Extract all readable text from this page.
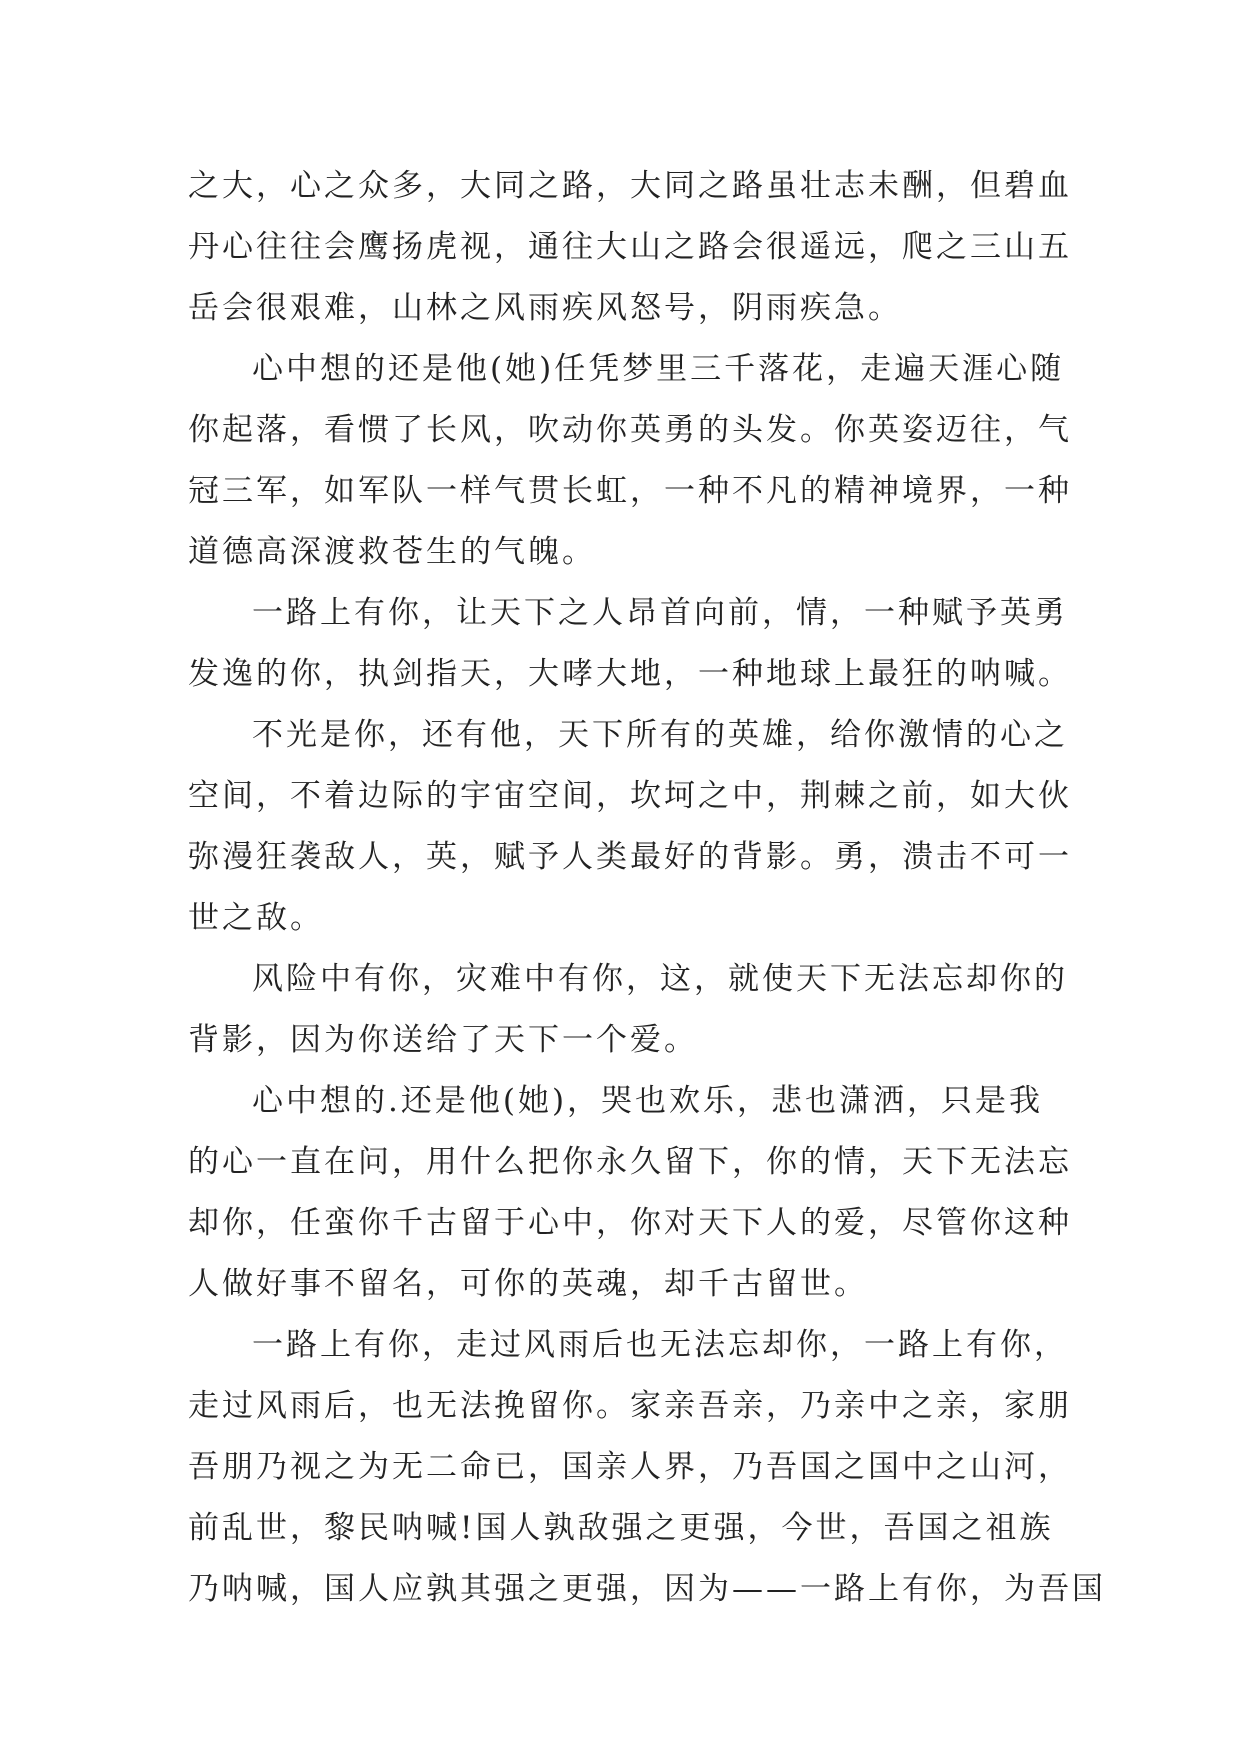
之大，心之众多，大同之路，大同之路虽壮志未酬，但碧血
丹心往往会鹰扬虎视，通往大山之路会很遥远，爬之三山五
岳会很艰难，山林之风雨疾风怒号，阴雨疾急。
心中想的还是他(她)任凭梦里三千落花，走遍天涯心随
你起落，看惯了长风，吹动你英勇的头发。你英姿迈往，气
冠三军，如军队一样气贯长虹，一种不凡的精神境界，一种
道德高深渡救苍生的气魄。
一路上有你，让天下之人昂首向前，情，一种赋予英勇
发逸的你，执剑指天，大哮大地，一种地球上最狂的呐喊。
不光是你，还有他，天下所有的英雄，给你激情的心之
空间，不着边际的宇宙空间，坎坷之中，荆棘之前，如大伙
弥漫狂袭敌人，英，赋予人类最好的背影。勇，溃击不可一
世之敌。
风险中有你，灾难中有你，这，就使天下无法忘却你的
背影，因为你送给了天下一个爱。
心中想的.还是他(她)，哭也欢乐，悲也潇洒，只是我
的心一直在问，用什么把你永久留下，你的情，天下无法忘
却你，任蛮你千古留于心中，你对天下人的爱，尽管你这种
人做好事不留名，可你的英魂，却千古留世。
一路上有你，走过风雨后也无法忘却你，一路上有你，
走过风雨后，也无法挽留你。家亲吾亲，乃亲中之亲，家朋
吾朋乃视之为无二命已，国亲人界，乃吾国之国中之山河，
前乱世，黎民呐喊!国人孰敌强之更强，今世，吾国之祖族
乃呐喊，国人应孰其强之更强，因为——一路上有你，为吾国
